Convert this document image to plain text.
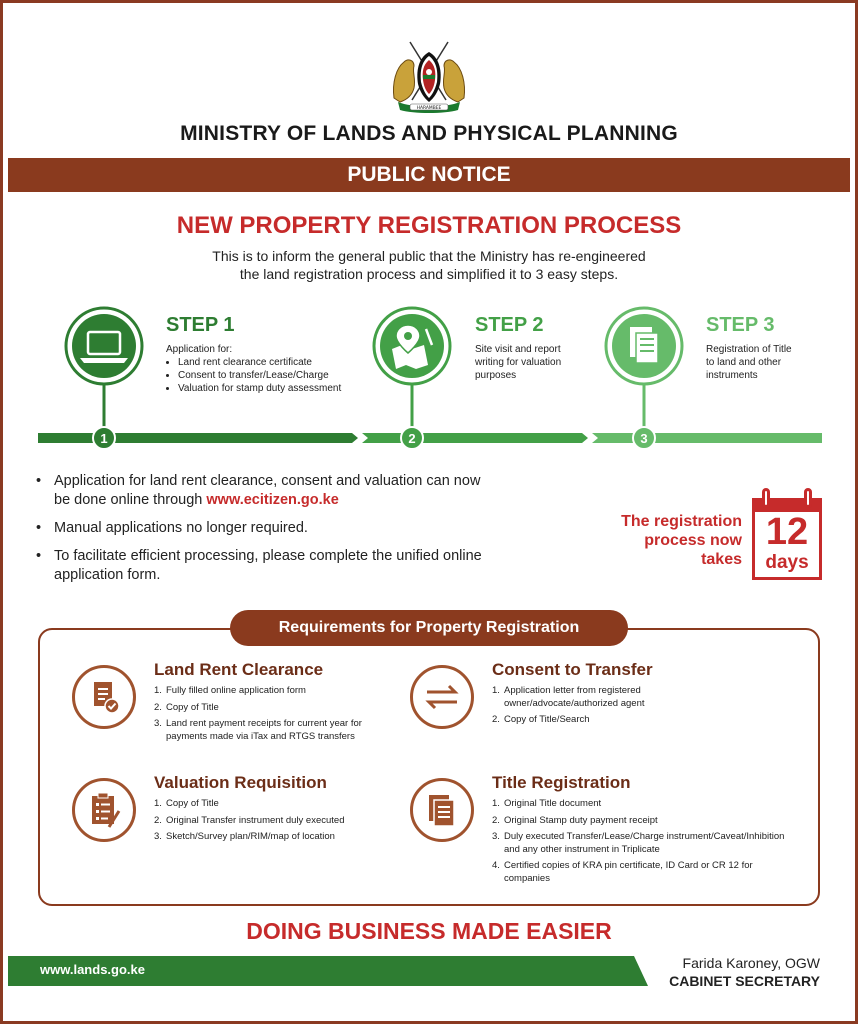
HARAMBEE
MINISTRY OF LANDS AND PHYSICAL PLANNING
PUBLIC NOTICE
NEW PROPERTY REGISTRATION PROCESS
This is to inform the general public that the Ministry has re-engineered
the land registration process and simplified it to 3 easy steps.
1	2	3
STEP 1
Application for:
• Land rent clearance certificate
• Consent to transfer/Lease/Charge
• Valuation for stamp duty assessment
STEP 2
Site visit and report
writing for valuation
purposes
STEP 3
Registration of Title
to land and other
instruments
• Application for land rent clearance, consent and valuation can now
be done online through www.ecitizen.go.ke
• Manual applications no longer required.
• To facilitate efficient processing, please complete the unified online
application form.
The registration
process now
takes
12
days
Requirements for Property Registration
Land Rent Clearance
1. Fully filled online application form
2. Copy of Title
3. Land rent payment receipts for current year for payments made via iTax and RTGS transfers
Consent to Transfer
1. Application letter from registered owner/advocate/authorized agent
2. Copy of Title/Search
Valuation Requisition
1. Copy of Title
2. Original Transfer instrument duly executed
3. Sketch/Survey plan/RIM/map of location
Title Registration
1. Original Title document
2. Original Stamp duty payment receipt
3. Duly executed Transfer/Lease/Charge instrument/Caveat/Inhibition and any other instrument in Triplicate
4. Certified copies of KRA pin certificate, ID Card or CR 12 for companies
DOING BUSINESS MADE EASIER
www.lands.go.ke	Farida Karoney, OGW
CABINET SECRETARY
